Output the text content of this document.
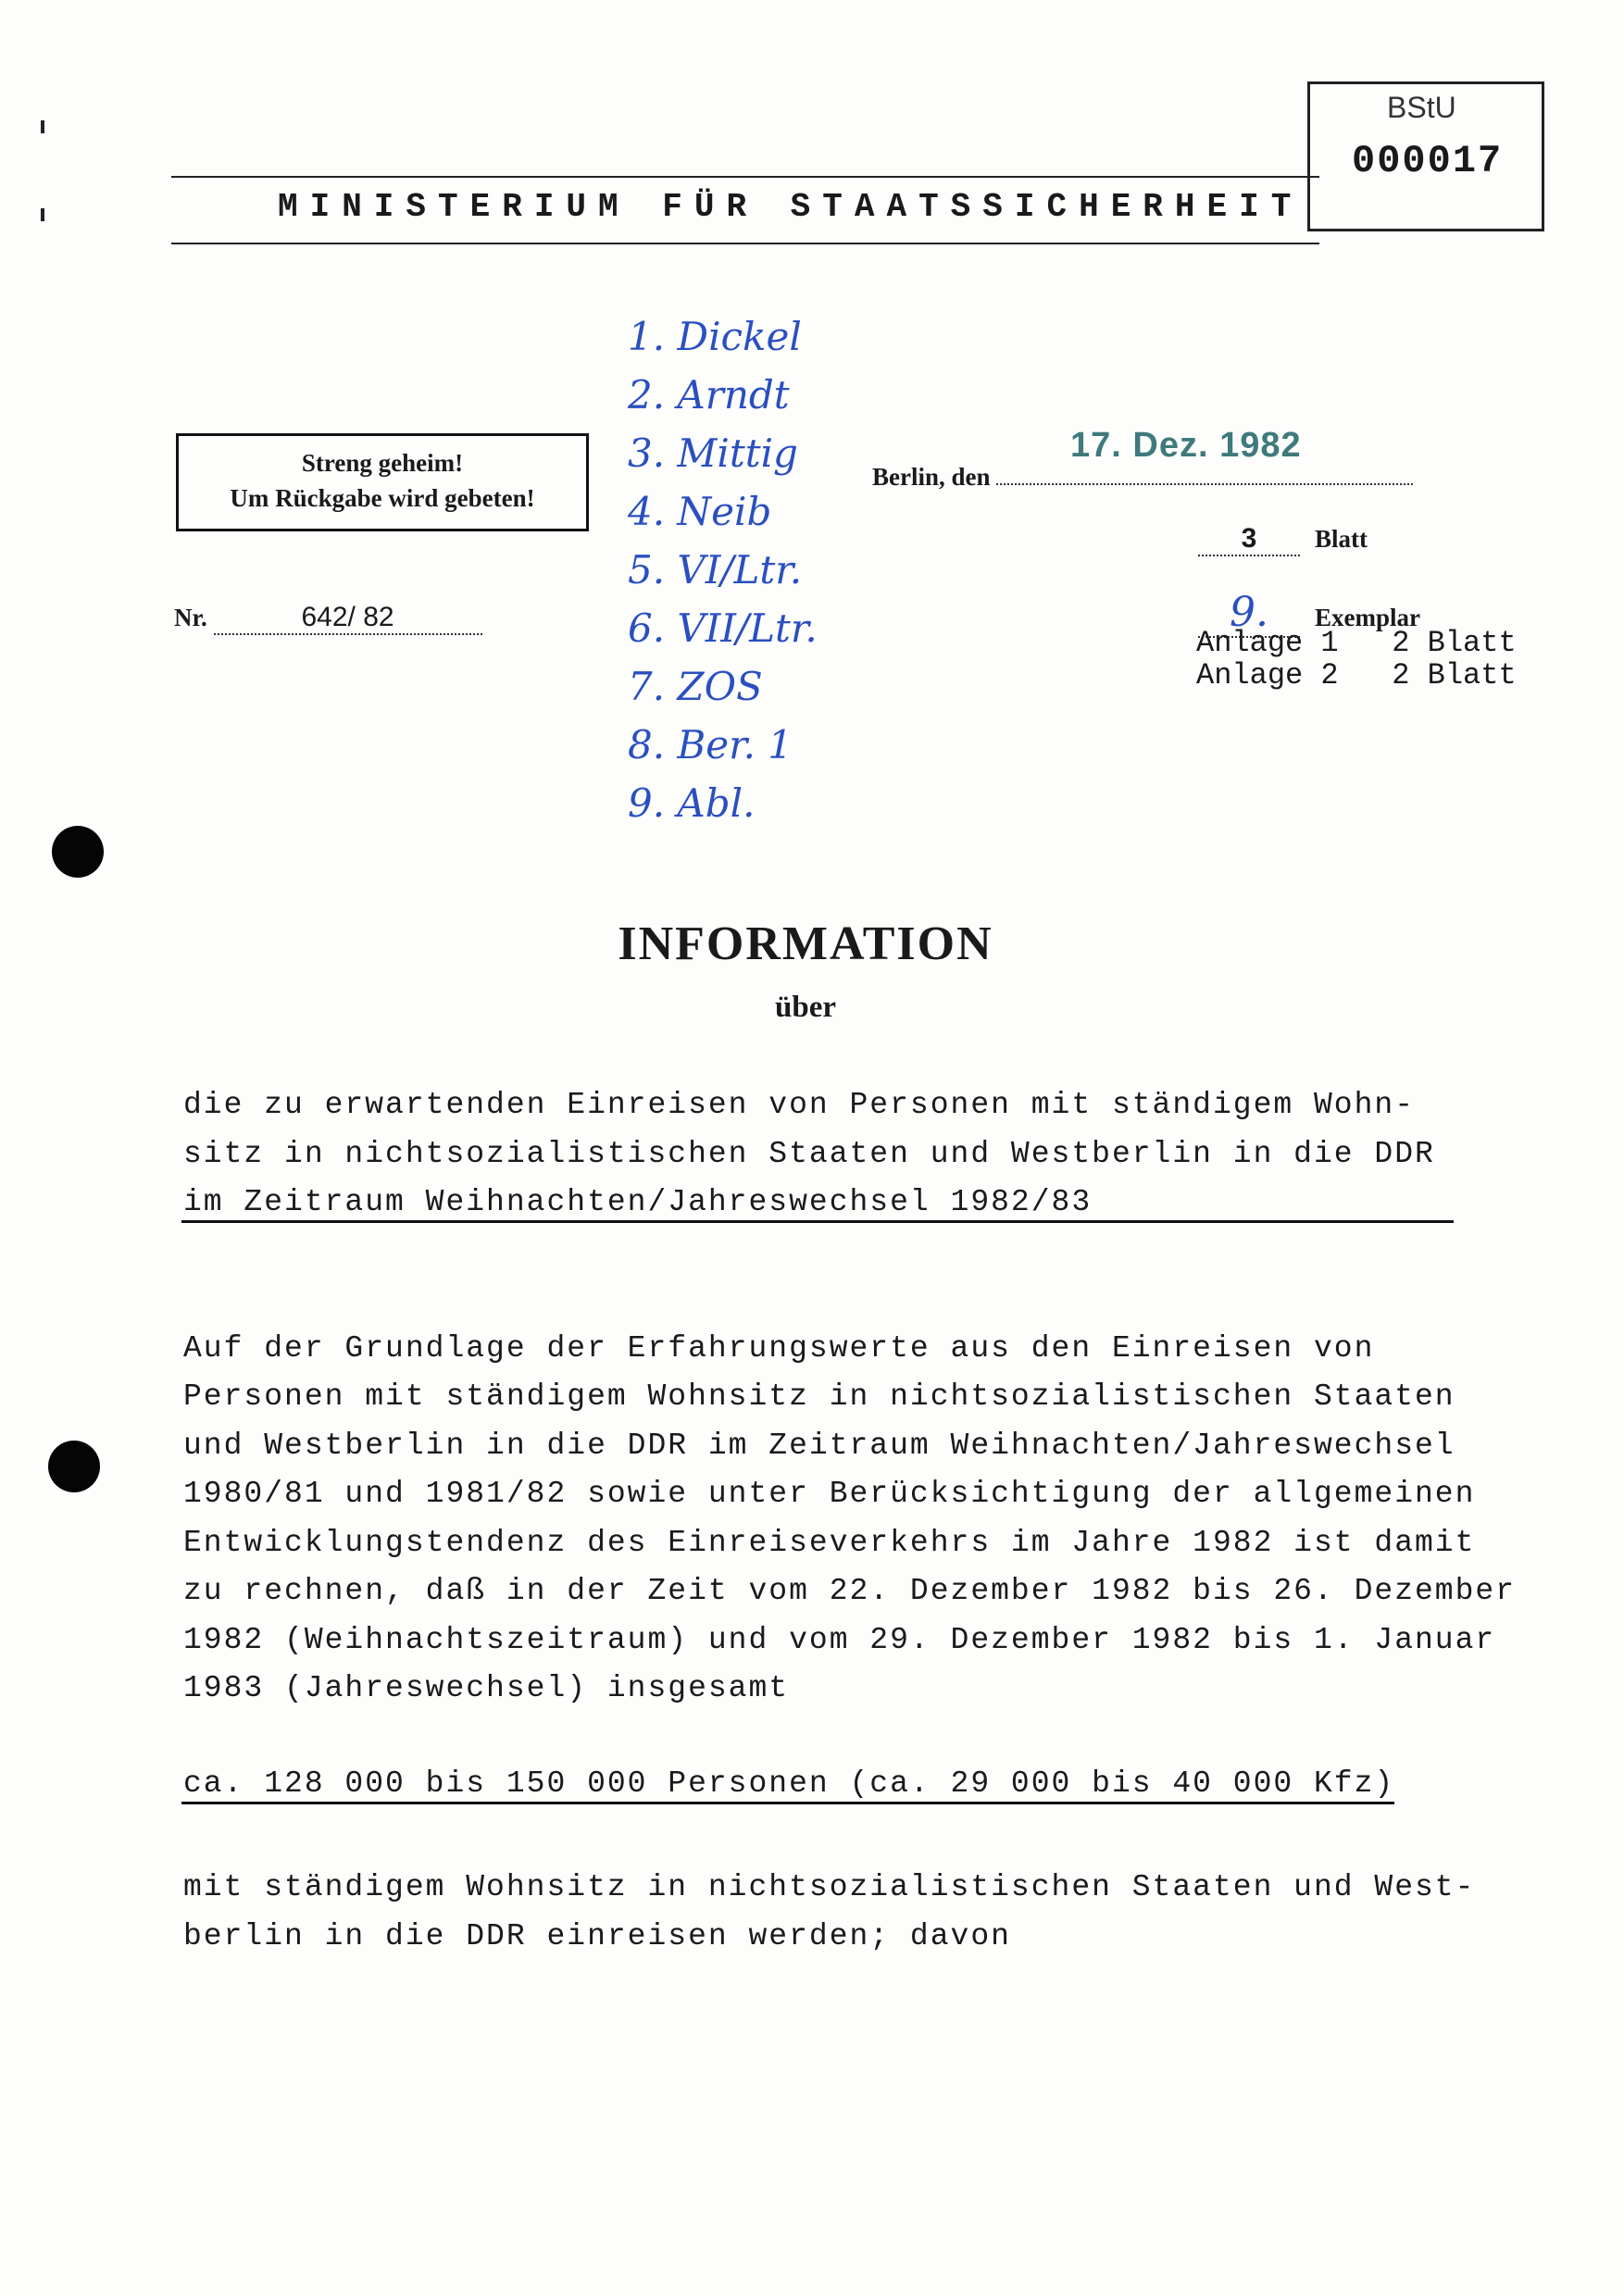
MINISTERIUM FÜR STAATSSICHERHEIT
BStU
000017
Streng geheim!
Um Rückgabe wird gebeten!
Nr.	642/ 82
1. Dickel
2. Arndt
3. Mittig
4. Neib
5. VI/Ltr.
6. VII/Ltr.
7. ZOS
8. Ber. 1
9. Abl.
17. Dez. 1982
Berlin, den
3 Blatt
9. Exemplar
Anlage 1   2 Blatt
Anlage 2   2 Blatt
INFORMATION
über
die zu erwartenden Einreisen von Personen mit ständigem Wohn-
sitz in nichtsozialistischen Staaten und Westberlin in die DDR
im Zeitraum Weihnachten/Jahreswechsel 1982/83
Auf der Grundlage der Erfahrungswerte aus den Einreisen von
Personen mit ständigem Wohnsitz in nichtsozialistischen Staaten
und Westberlin in die DDR im Zeitraum Weihnachten/Jahreswechsel
1980/81 und 1981/82 sowie unter Berücksichtigung der allgemeinen
Entwicklungstendenz des Einreiseverkehrs im Jahre 1982 ist damit
zu rechnen, daß in der Zeit vom 22. Dezember 1982 bis 26. Dezember
1982 (Weihnachtszeitraum) und vom 29. Dezember 1982 bis 1. Januar
1983 (Jahreswechsel) insgesamt
ca. 128 000 bis 150 000 Personen (ca. 29 000 bis 40 000 Kfz)
mit ständigem Wohnsitz in nichtsozialistischen Staaten und West-
berlin in die DDR einreisen werden; davon
